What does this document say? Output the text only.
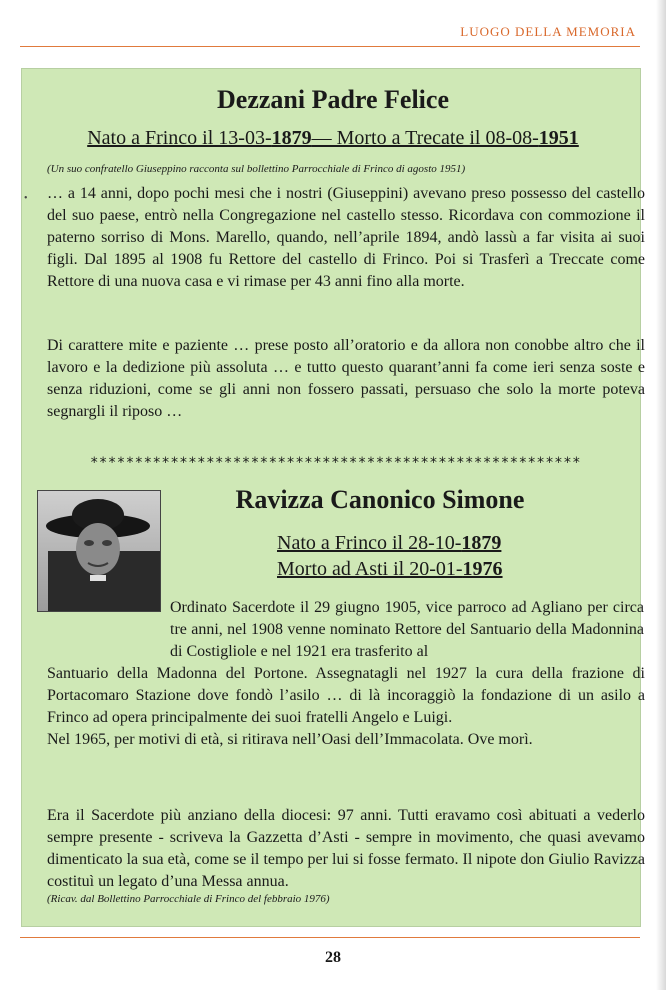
LUOGO DELLA MEMORIA
•
Dezzani Padre Felice
Nato a Frinco il 13-03-1879— Morto a Trecate il 08-08-1951
(Un suo confratello Giuseppino racconta sul bollettino Parrocchiale di Frinco di agosto 1951)

… a 14 anni, dopo pochi mesi che i nostri (Giuseppini) avevano preso possesso del castello del suo paese, entrò nella Congregazione nel castello stesso. Ricordava con commozione il paterno sorriso di Mons. Marello, quando, nell’aprile 1894, andò lassù a far visita ai suoi figli. Dal 1895 al 1908 fu Rettore del castello di Frinco. Poi si Trasferì a Treccate come Rettore di una nuova casa e vi rimase per 43 anni fino alla morte.

Di carattere mite e paziente … prese posto all’oratorio e da allora non conobbe altro che il lavoro e la dedizione più assoluta … e tutto questo quarant’anni fa come ieri senza soste e senza riduzioni, come se gli anni non fossero passati, persuaso che solo la morte poteva segnargli il riposo …

*******************************************************
Ravizza Canonico Simone
Nato a Frinco il 28-10-1879
Morto ad Asti il 20-01-1976

Ordinato Sacerdote il 29 giugno 1905, vice parroco ad Agliano per circa tre anni, nel 1908 venne nominato Rettore del Santuario della Madonnina di Costigliole e nel 1921 era trasferito al

Santuario della Madonna del Portone. Assegnatagli nel 1927 la cura della frazione di Portacomaro Stazione dove fondò l’asilo … di là incoraggiò la fondazione di un asilo a Frinco ad opera principalmente dei suoi fratelli Angelo e Luigi.

Nel 1965, per motivi di età, si ritirava nell’Oasi dell’Immacolata. Ove morì.

Era il Sacerdote più anziano della diocesi: 97 anni. Tutti eravamo così abituati a vederlo sempre presente - scriveva la Gazzetta d’Asti - sempre in movimento, che quasi avevamo dimenticato la sua età, come se il tempo per lui si fosse fermato. Il nipote don Giulio Ravizza costituì un legato d’una Messa annua.

(Ricav. dal Bollettino Parrocchiale di Frinco del febbraio 1976)
28
